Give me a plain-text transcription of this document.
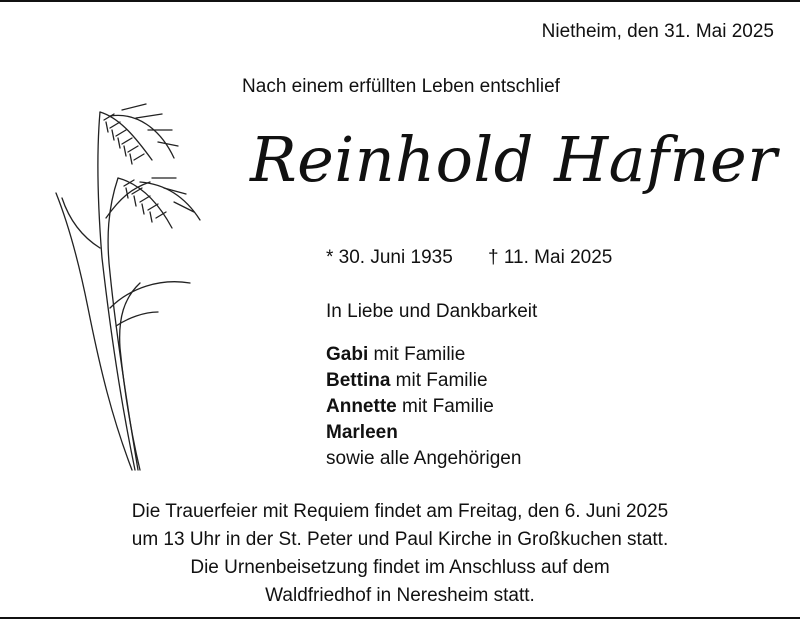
Nietheim, den 31. Mai 2025
Nach einem erfüllten Leben entschlief
Reinhold Hafner
* 30. Juni 1935 † 11. Mai 2025
In Liebe und Dankbarkeit
Gabi mit Familie
Bettina mit Familie
Annette mit Familie
Marleen
sowie alle Angehörigen
Die Trauerfeier mit Requiem findet am Freitag, den 6. Juni 2025
um 13 Uhr in der St. Peter und Paul Kirche in Großkuchen statt.
Die Urnenbeisetzung findet im Anschluss auf dem
Waldfriedhof in Neresheim statt.
